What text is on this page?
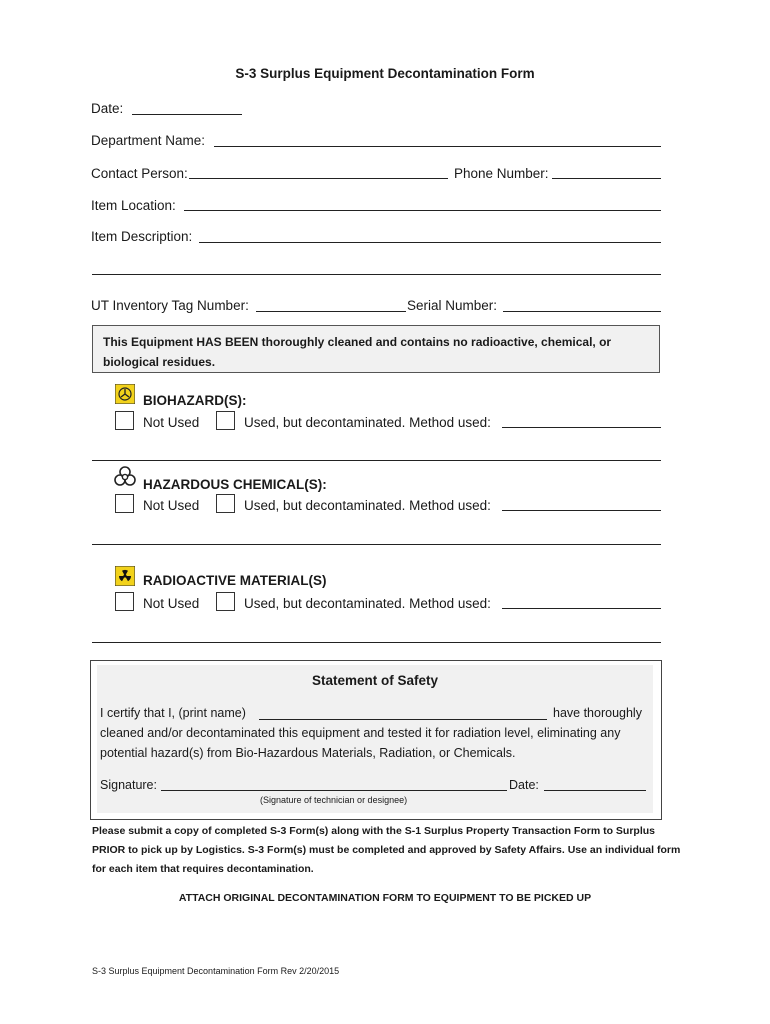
S-3 Surplus Equipment Decontamination Form
Date:
Department Name:
Contact Person:	Phone Number:
Item Location:
Item Description:
UT Inventory Tag Number:	Serial Number:
This Equipment HAS BEEN thoroughly cleaned and contains no radioactive, chemical, or biological residues.
BIOHAZARD(S):
Not Used	Used, but decontaminated. Method used:
HAZARDOUS CHEMICAL(S):
Not Used	Used, but decontaminated. Method used:
RADIOACTIVE MATERIAL(S)
Not Used	Used, but decontaminated. Method used:
Statement of Safety
I certify that I, (print name)	have thoroughly
cleaned and/or decontaminated this equipment and tested it for radiation level, eliminating any
potential hazard(s) from Bio-Hazardous Materials, Radiation, or Chemicals.
Signature:	Date:
(Signature of technician or designee)
Please submit a copy of completed S-3 Form(s) along with the S-1 Surplus Property Transaction Form to Surplus PRIOR to pick up by Logistics. S-3 Form(s) must be completed and approved by Safety Affairs. Use an individual form for each item that requires decontamination.
ATTACH ORIGINAL DECONTAMINATION FORM TO EQUIPMENT TO BE PICKED UP
S-3 Surplus Equipment Decontamination Form Rev 2/20/2015
